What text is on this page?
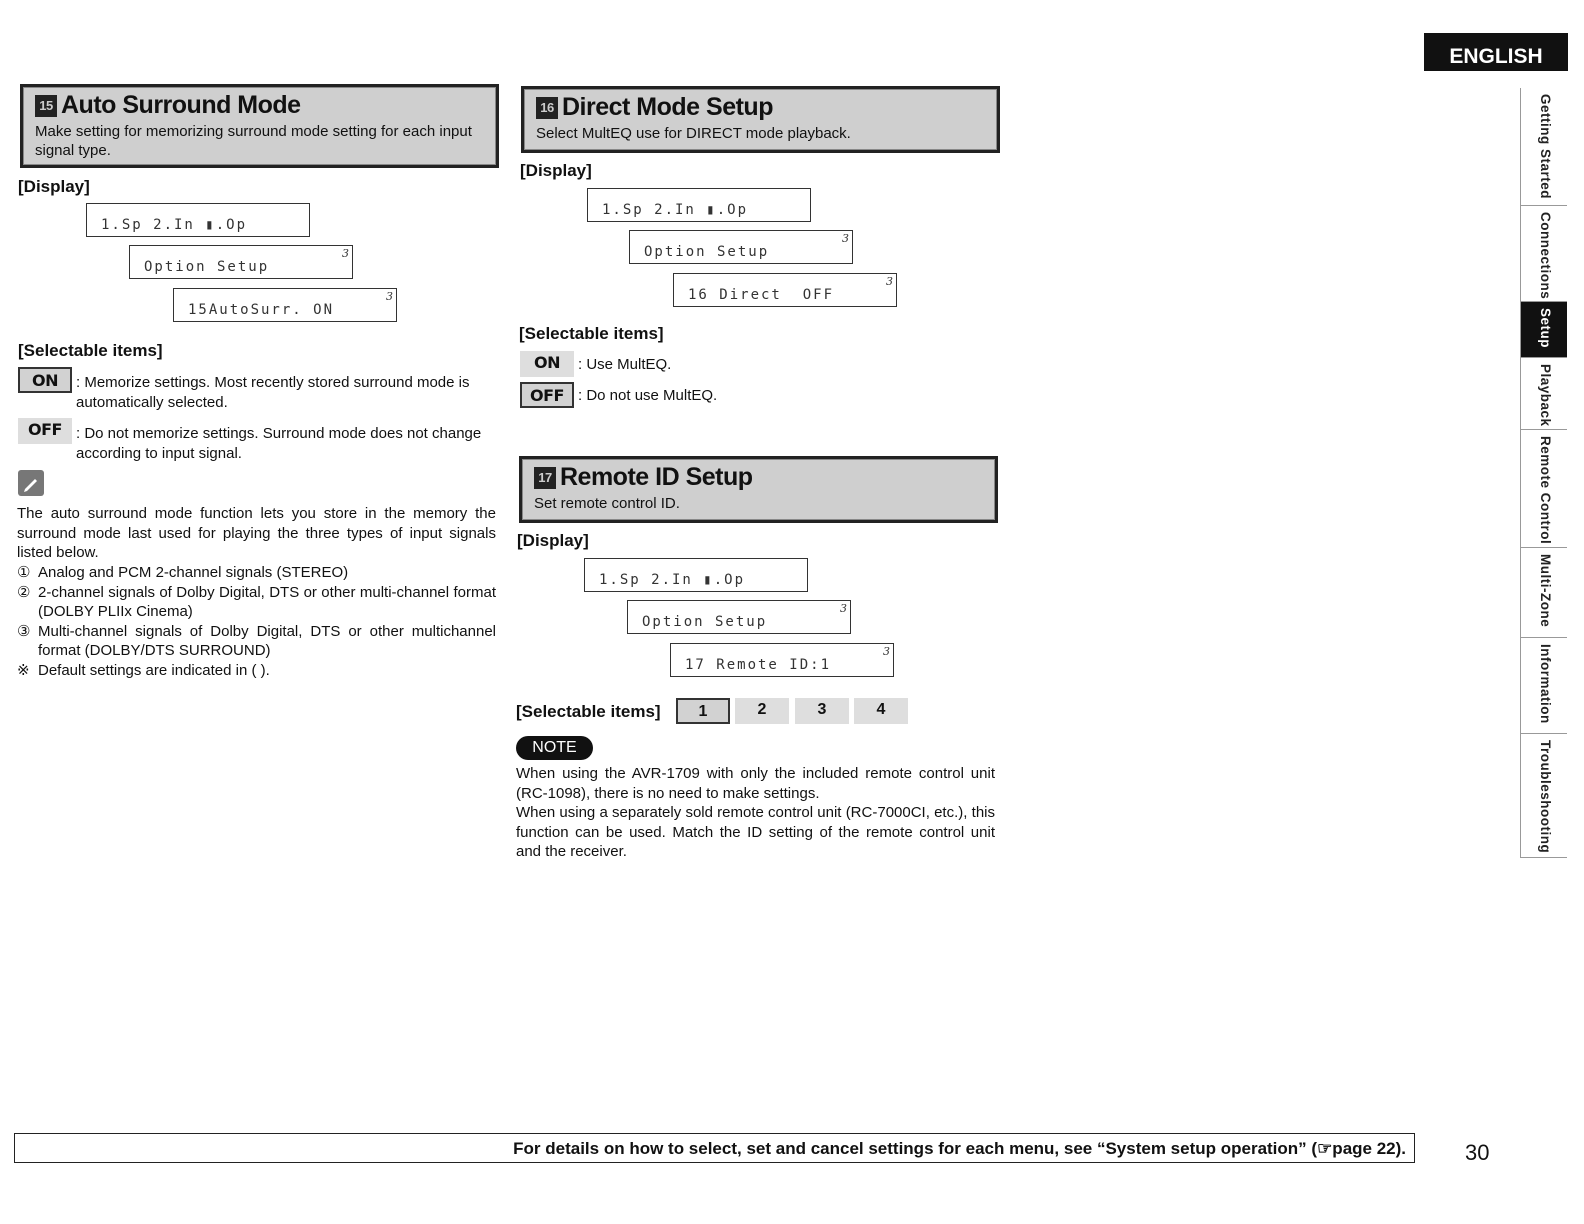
ENGLISH
Getting Started
Connections
Setup
Playback
Remote Control
Multi-Zone
Information
Troubleshooting
15 Auto Surround Mode
Make setting for memorizing surround mode setting for each input signal type.
[Display]
1.Sp 2.In ▮.Op
3
Option Setup
3
15AutoSurr. ON
[Selectable items]
ON	: Memorize settings. Most recently stored surround mode is automatically selected.
OFF : Do not memorize settings. Surround mode does not change according to input signal.
The auto surround mode function lets you store in the memory the surround mode last used for playing the three types of input signals listed below.
① Analog and PCM 2-channel signals (STEREO)
② 2-channel signals of Dolby Digital, DTS or other multi-channel format (DOLBY PLIIx Cinema)
③ Multi-channel signals of Dolby Digital, DTS or other multichannel format (DOLBY/DTS SURROUND)
※ Default settings are indicated in ( ).
16 Direct Mode Setup
Select MultEQ use for DIRECT mode playback.
[Display]
1.Sp 2.In ▮.Op
3
Option Setup
3
16 Direct  OFF
[Selectable items]
ON	: Use MultEQ.
OFF : Do not use MultEQ.
17 Remote ID Setup
Set remote control ID.
[Display]
1.Sp 2.In ▮.Op
3
Option Setup
3
17 Remote ID:1
[Selectable items]	1	2	3	4
NOTE
When using the AVR-1709 with only the included remote control unit (RC-1098), there is no need to make settings.
When using a separately sold remote control unit (RC-7000CI, etc.), this function can be used. Match the ID setting of the remote control unit and the receiver.
For details on how to select, set and cancel settings for each menu, see “System setup operation” (☞page 22).	30
